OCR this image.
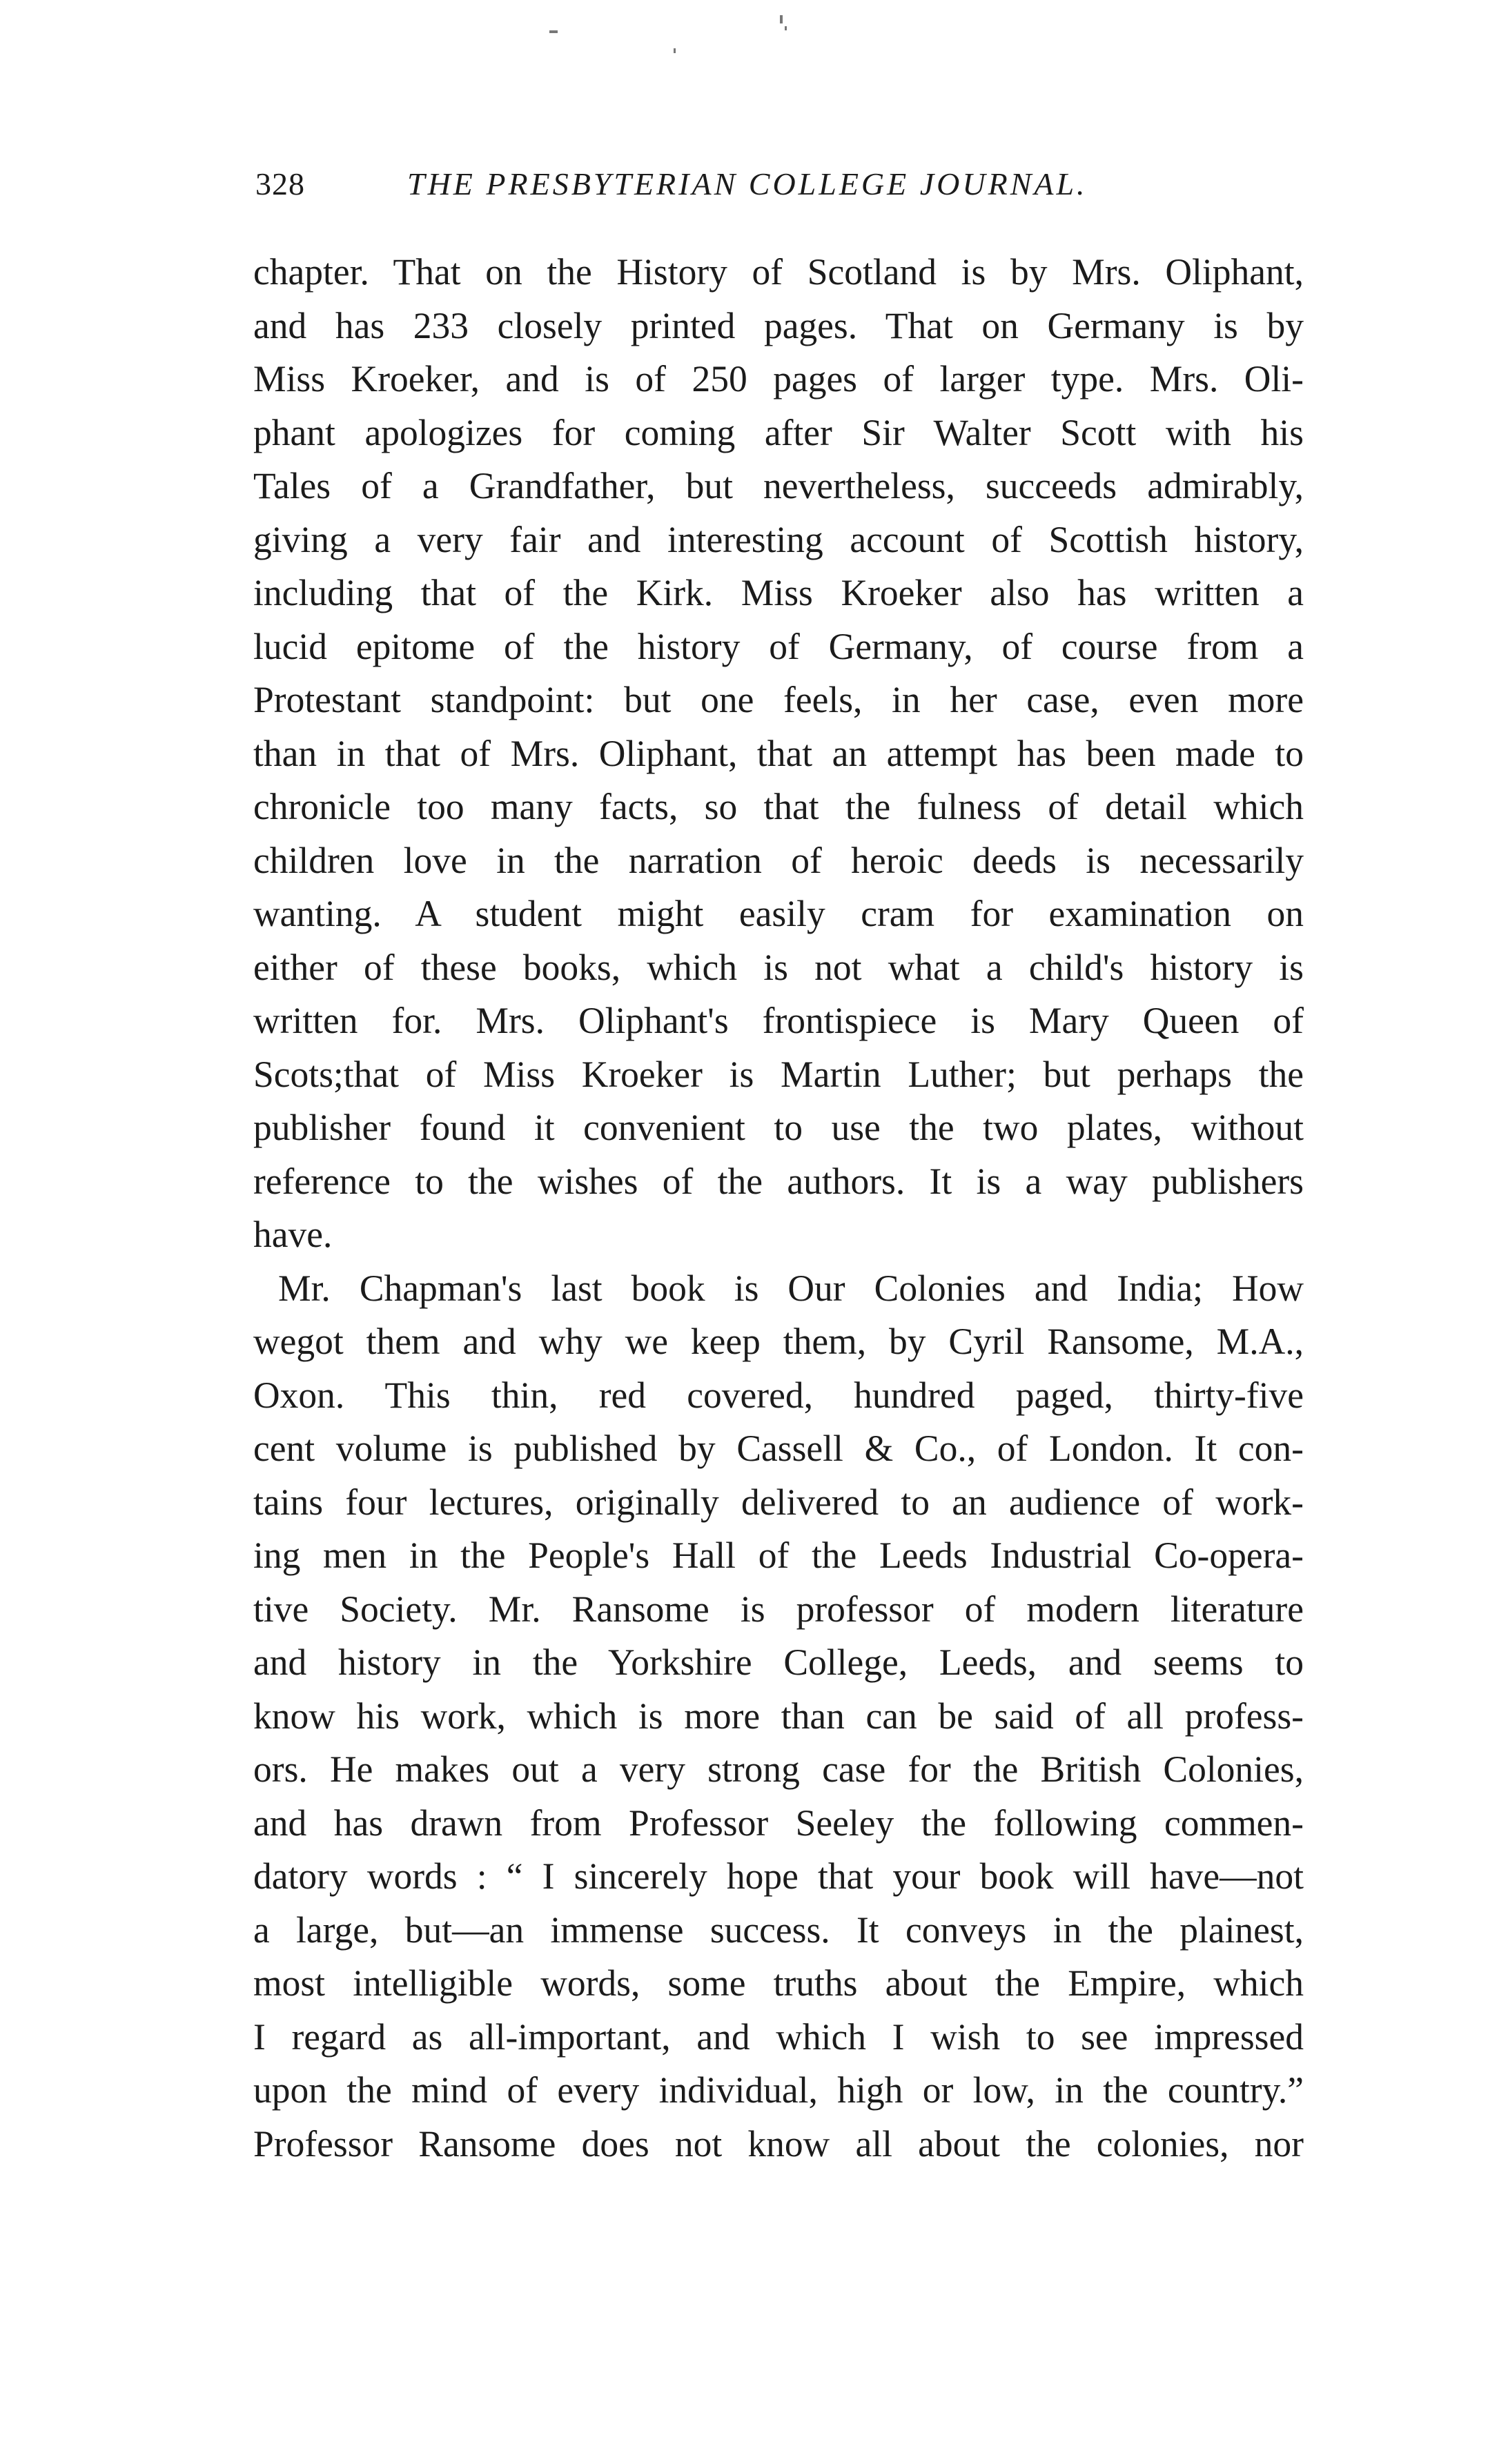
328	THE PRESBYTERIAN COLLEGE JOURNAL.
chapter. That on the History of Scotland is by Mrs. Oliphant,
and has 233 closely printed pages. That on Germany is by
Miss Kroeker, and is of 250 pages of larger type. Mrs. Oli-
phant apologizes for coming after Sir Walter Scott with his
Tales of a Grandfather, but nevertheless, succeeds admirably,
giving a very fair and interesting account of Scottish history,
including that of the Kirk. Miss Kroeker also has written a
lucid epitome of the history of Germany, of course from a
Protestant standpoint: but one feels, in her case, even more
than in that of Mrs. Oliphant, that an attempt has been made to
chronicle too many facts, so that the fulness of detail which
children love in the narration of heroic deeds is necessarily
wanting. A student might easily cram for examination on
either of these books, which is not what a child's history is
written for. Mrs. Oliphant's frontispiece is Mary Queen of
Scots;that of Miss Kroeker is Martin Luther; but perhaps the
publisher found it convenient to use the two plates, without
reference to the wishes of the authors. It is a way publishers
have.
Mr. Chapman's last book is Our Colonies and India; How
wegot them and why we keep them, by Cyril Ransome, M.A.,
Oxon. This thin, red covered, hundred paged, thirty-five
cent volume is published by Cassell & Co., of London. It con-
tains four lectures, originally delivered to an audience of work-
ing men in the People's Hall of the Leeds Industrial Co-opera-
tive Society. Mr. Ransome is professor of modern literature
and history in the Yorkshire College, Leeds, and seems to
know his work, which is more than can be said of all profess-
ors. He makes out a very strong case for the British Colonies,
and has drawn from Professor Seeley the following commen-
datory words : “ I sincerely hope that your book will have—not
a large, but—an immense success. It conveys in the plainest,
most intelligible words, some truths about the Empire, which
I regard as all-important, and which I wish to see impressed
upon the mind of every individual, high or low, in the country.”
Professor Ransome does not know all about the colonies, nor
